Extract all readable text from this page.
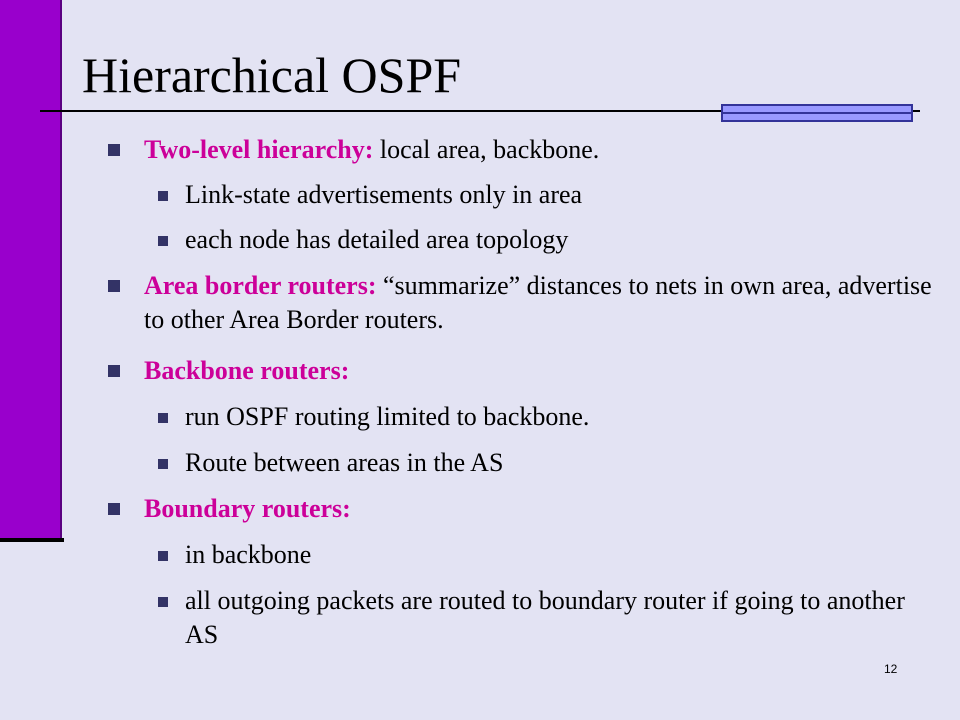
Hierarchical OSPF
Two-level hierarchy: local area, backbone.
Link-state advertisements only in area
each node has detailed area topology
Area border routers: “summarize” distances to nets in own area, advertise to other Area Border routers.
Backbone routers:
run OSPF routing limited to backbone.
Route between areas in the AS
Boundary routers:
in backbone
all outgoing packets are routed to boundary router if going to another AS
12
